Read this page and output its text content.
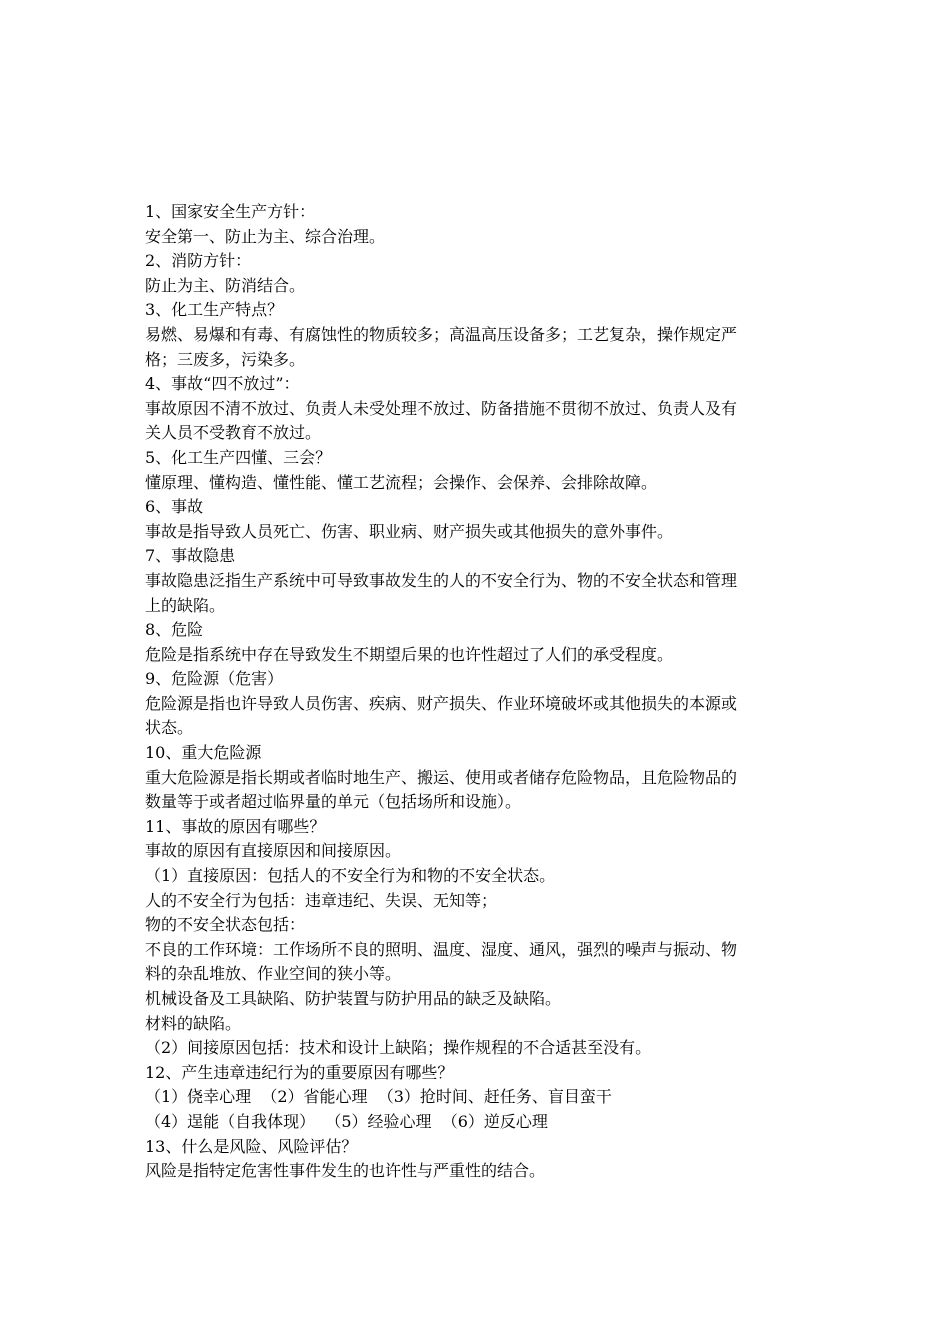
1、国家安全生产方针：
安全第一、防止为主、综合治理。
2、消防方针：
防止为主、防消结合。
3、化工生产特点？
易燃、易爆和有毒、有腐蚀性的物质较多；高温高压设备多；工艺复杂，操作规定严
格；三废多，污染多。
4、事故“四不放过”：
事故原因不清不放过、负责人未受处理不放过、防备措施不贯彻不放过、负责人及有
关人员不受教育不放过。
5、化工生产四懂、三会？
懂原理、懂构造、懂性能、懂工艺流程；会操作、会保养、会排除故障。
6、事故
事故是指导致人员死亡、伤害、职业病、财产损失或其他损失的意外事件。
7、事故隐患
事故隐患泛指生产系统中可导致事故发生的人的不安全行为、物的不安全状态和管理
上的缺陷。
8、危险
危险是指系统中存在导致发生不期望后果的也许性超过了人们的承受程度。
9、危险源（危害）
危险源是指也许导致人员伤害、疾病、财产损失、作业环境破坏或其他损失的本源或
状态。
10、重大危险源
重大危险源是指长期或者临时地生产、搬运、使用或者储存危险物品，且危险物品的
数量等于或者超过临界量的单元（包括场所和设施）。
11、事故的原因有哪些？
事故的原因有直接原因和间接原因。
（1）直接原因：包括人的不安全行为和物的不安全状态。
人的不安全行为包括：违章违纪、失误、无知等；
物的不安全状态包括：
不良的工作环境：工作场所不良的照明、温度、湿度、通风，强烈的噪声与振动、物
料的杂乱堆放、作业空间的狭小等。
机械设备及工具缺陷、防护装置与防护用品的缺乏及缺陷。
材料的缺陷。
（2）间接原因包括：技术和设计上缺陷；操作规程的不合适甚至没有。
12、产生违章违纪行为的重要原因有哪些？
（1）侥幸心理  （2）省能心理  （3）抢时间、赶任务、盲目蛮干
（4）逞能（自我体现）  （5）经验心理  （6）逆反心理
13、什么是风险、风险评估？
风险是指特定危害性事件发生的也许性与严重性的结合。
